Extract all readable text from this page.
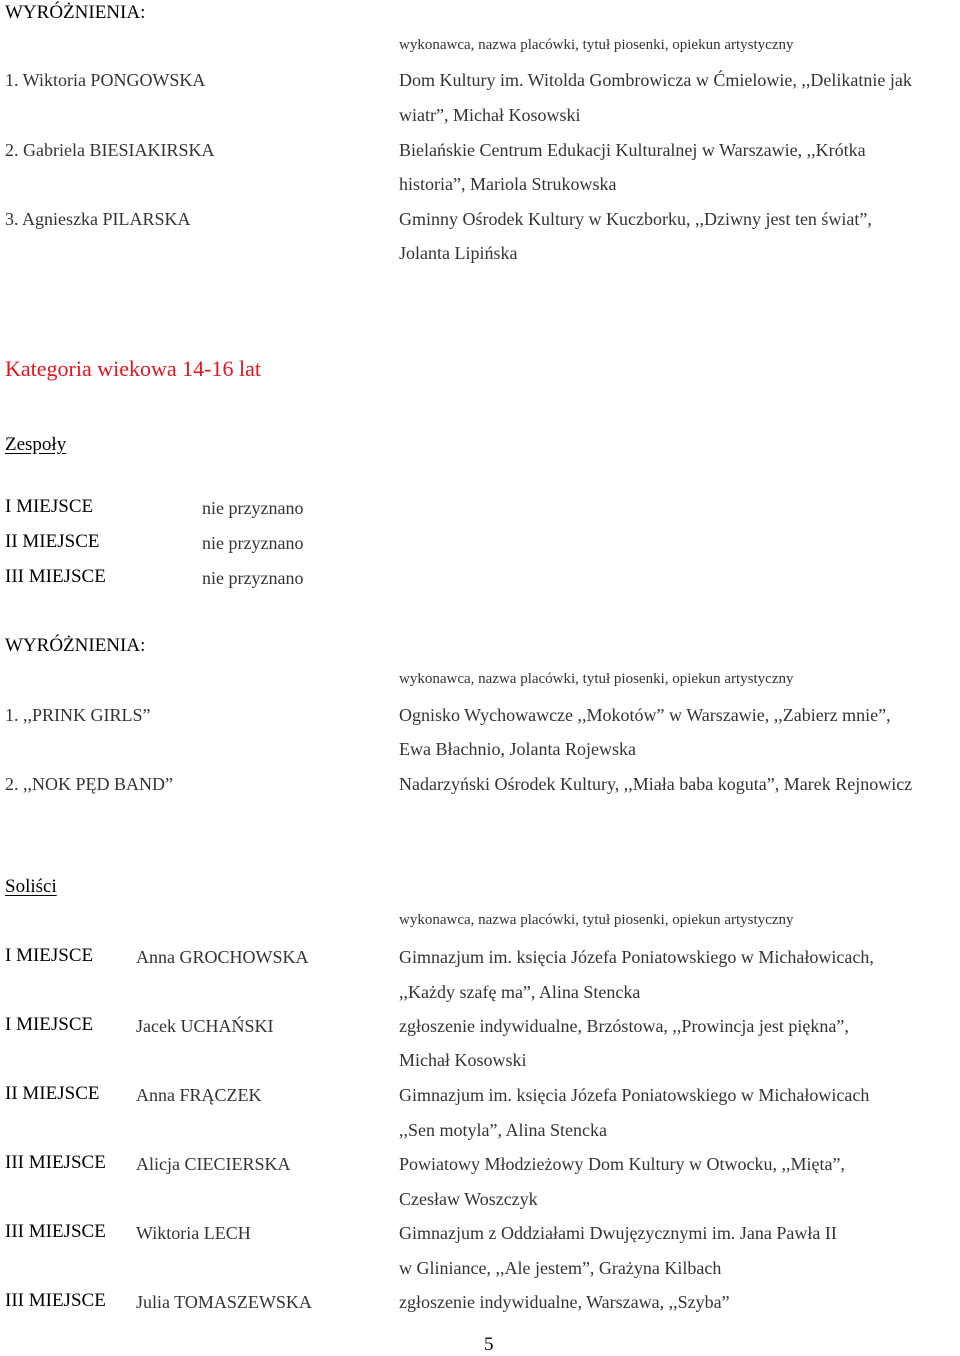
WYRÓŻNIENIA:
wykonawca, nazwa placówki, tytuł piosenki, opiekun artystyczny
1. Wiktoria PONGOWSKA	Dom Kultury im. Witolda Gombrowicza w Ćmielowie, ,,Delikatnie jak
wiatr”, Michał Kosowski
2. Gabriela BIESIAKIRSKA	Bielańskie Centrum Edukacji Kulturalnej w Warszawie, ,,Krótka
historia”, Mariola Strukowska
3. Agnieszka PILARSKA	Gminny Ośrodek Kultury w Kuczborku, ,,Dziwny jest ten świat”,
Jolanta Lipińska
Kategoria wiekowa 14-16 lat
Zespoły
I MIEJSCE	nie przyznano
II MIEJSCE	nie przyznano
III MIEJSCE	nie przyznano
WYRÓŻNIENIA:
wykonawca, nazwa placówki, tytuł piosenki, opiekun artystyczny
1. ,,PRINK GIRLS”	Ognisko Wychowawcze ,,Mokotów” w Warszawie, ,,Zabierz mnie”,
Ewa Błachnio, Jolanta Rojewska
2. ,,NOK PĘD BAND”	Nadarzyński Ośrodek Kultury, ,,Miała baba koguta”, Marek Rejnowicz
Soliści
wykonawca, nazwa placówki, tytuł piosenki, opiekun artystyczny
I MIEJSCE Anna GROCHOWSKA	Gimnazjum im. księcia Józefa Poniatowskiego w Michałowicach,
,,Każdy szafę ma”, Alina Stencka
I MIEJSCE Jacek UCHAŃSKI	zgłoszenie indywidualne, Brzóstowa, ,,Prowincja jest piękna”,
Michał Kosowski
II MIEJSCE Anna FRĄCZEK	Gimnazjum im. księcia Józefa Poniatowskiego w Michałowicach
,,Sen motyla”, Alina Stencka
III MIEJSCE Alicja CIECIERSKA	Powiatowy Młodzieżowy Dom Kultury w Otwocku, ,,Mięta”,
Czesław Woszczyk
III MIEJSCE Wiktoria LECH	Gimnazjum z Oddziałami Dwujęzycznymi im. Jana Pawła II
w Gliniance, ,,Ale jestem”, Grażyna Kilbach
III MIEJSCE Julia TOMASZEWSKA	zgłoszenie indywidualne, Warszawa, ,,Szyba”
5
